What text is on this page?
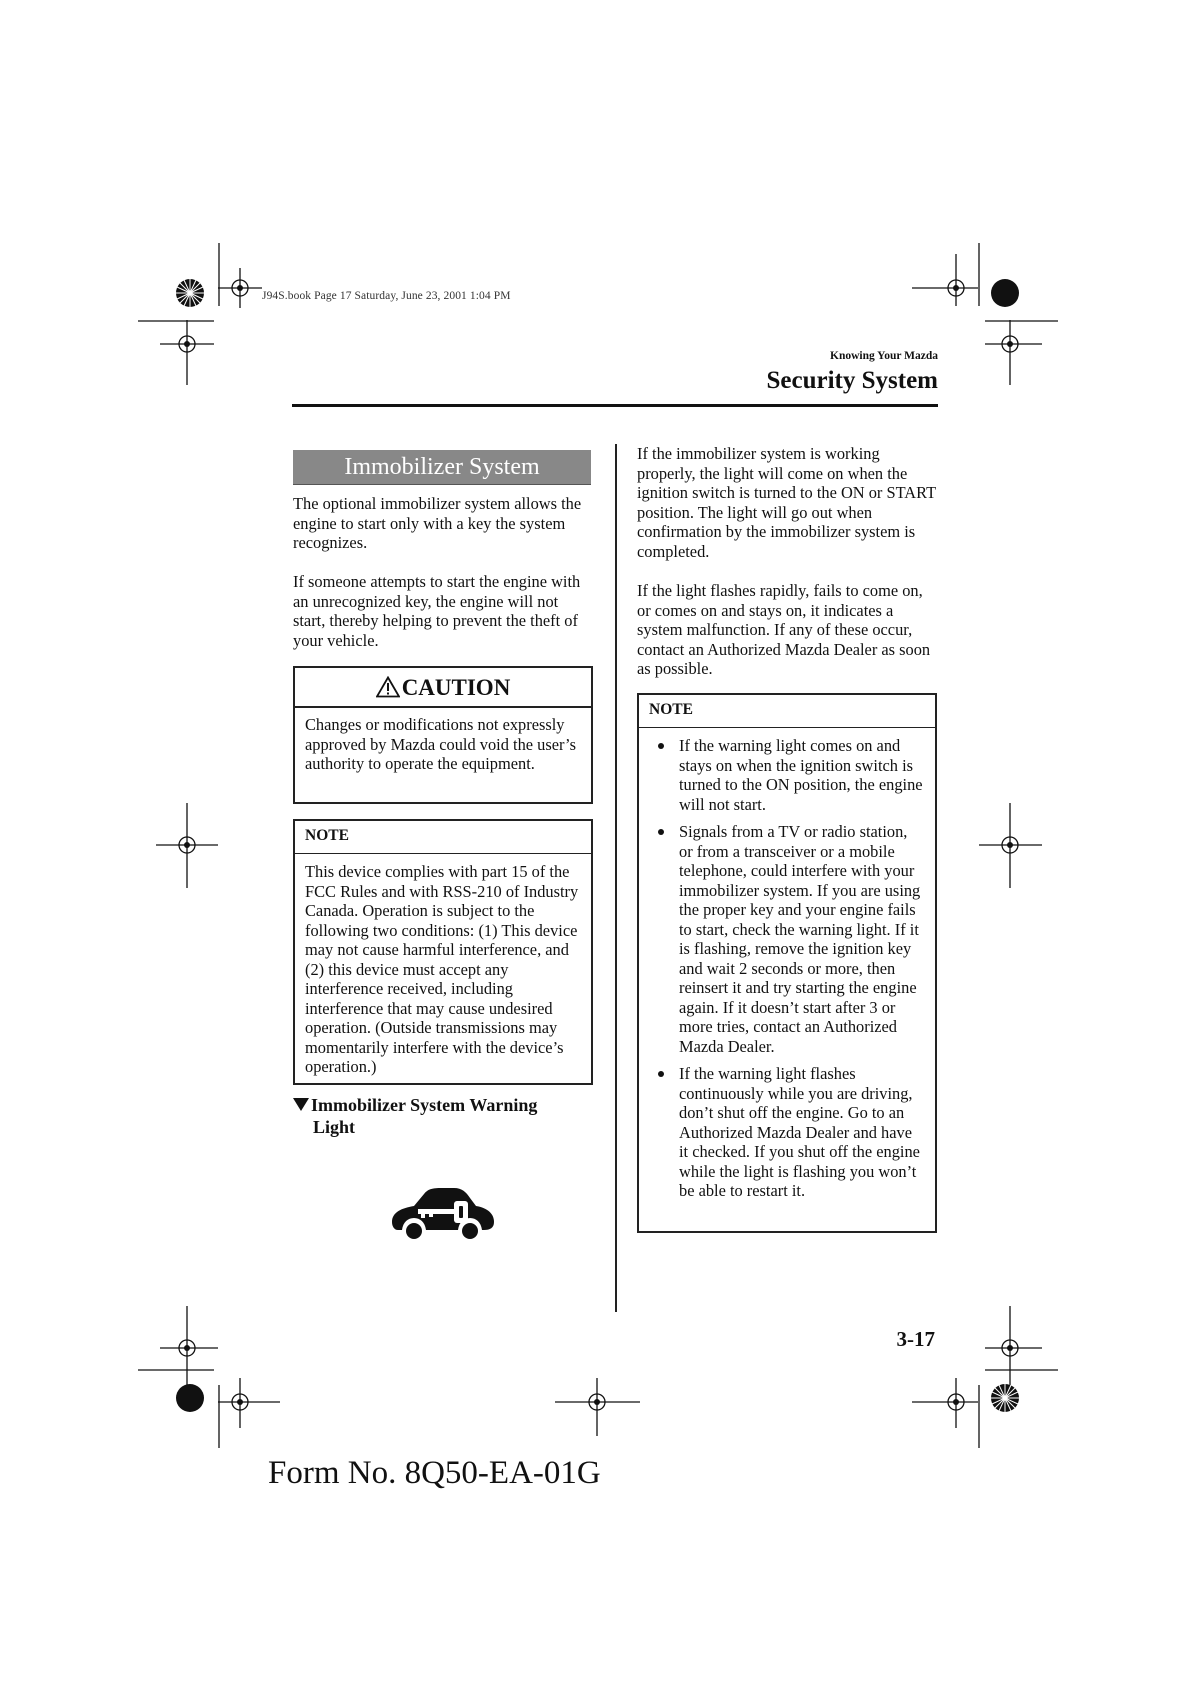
J94S.book Page 17 Saturday, June 23, 2001 1:04 PM
Knowing Your Mazda
Security System
Immobilizer System

The optional immobilizer system allows the engine to start only with a key the system recognizes.

If someone attempts to start the engine with an unrecognized key, the engine will not start, thereby helping to prevent the theft of your vehicle.

CAUTION
Changes or modifications not expressly approved by Mazda could void the user’s authority to operate the equipment.
NOTE
This device complies with part 15 of the FCC Rules and with RSS-210 of Industry Canada. Operation is subject to the following two conditions: (1) This device may not cause harmful interference, and (2) this device must accept any interference received, including interference that may cause undesired operation. (Outside transmissions may momentarily interfere with the device’s operation.)
Immobilizer System Warning
Light

If the immobilizer system is working properly, the light will come on when the ignition switch is turned to the ON or START position. The light will go out when confirmation by the immobilizer system is completed.

If the light flashes rapidly, fails to come on, or comes on and stays on, it indicates a system malfunction. If any of these occur, contact an Authorized Mazda Dealer as soon as possible.

NOTE
If the warning light comes on and stays on when the ignition switch is turned to the ON position, the engine will not start.
Signals from a TV or radio station, or from a transceiver or a mobile telephone, could interfere with your immobilizer system. If you are using the proper key and your engine fails to start, check the warning light. If it is flashing, remove the ignition key and wait 2 seconds or more, then reinsert it and try starting the engine again. If it doesn’t start after 3 or more tries, contact an Authorized Mazda Dealer.
If the warning light flashes continuously while you are driving, don’t shut off the engine. Go to an Authorized Mazda Dealer and have it checked. If you shut off the engine while the light is flashing you won’t be able to restart it.
3-17
Form No. 8Q50-EA-01G
